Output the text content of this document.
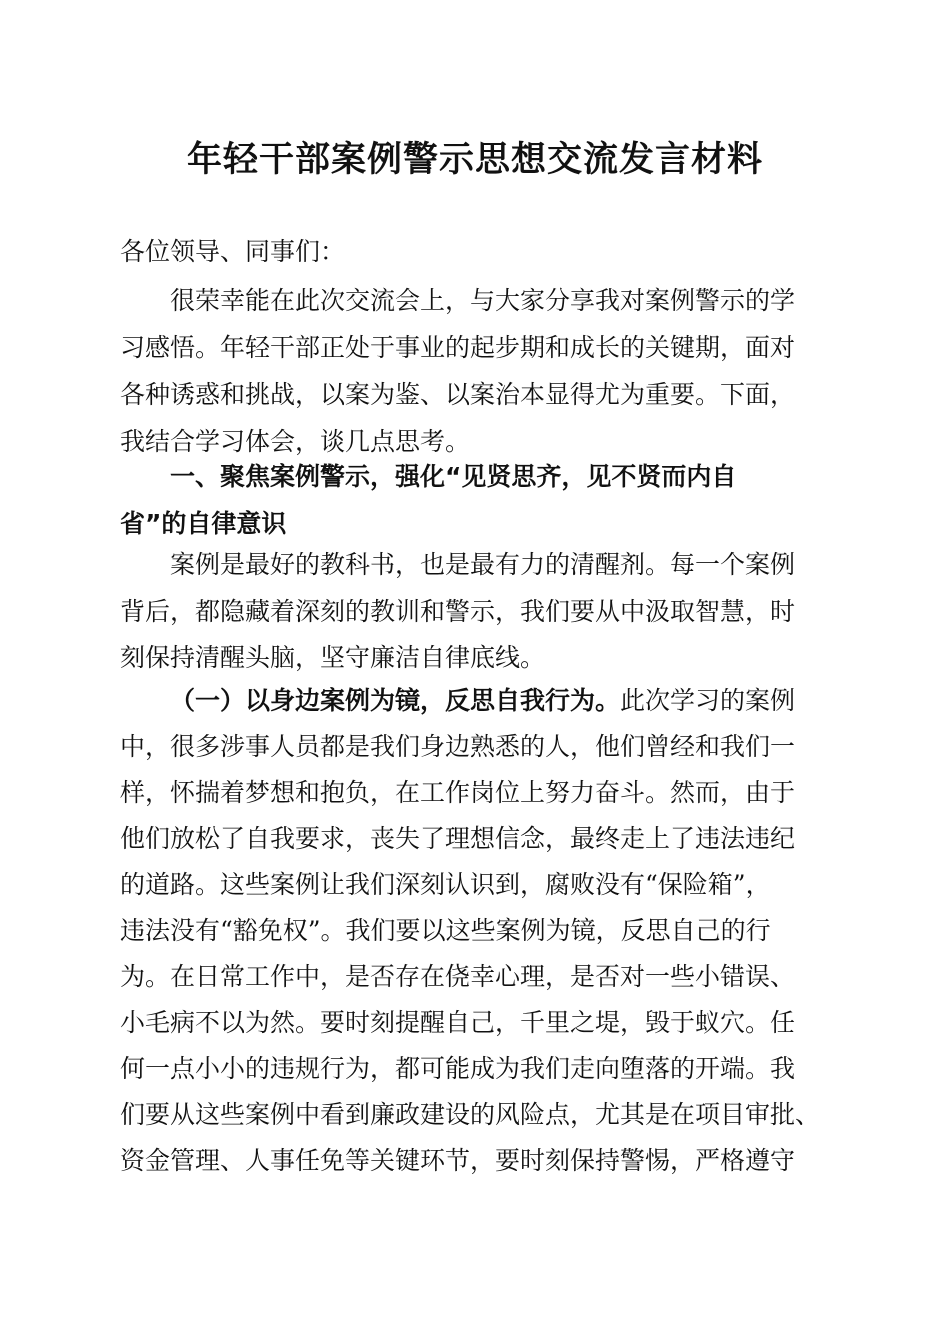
年轻干部案例警示思想交流发言材料
各位领导、同事们：
很荣幸能在此次交流会上，与大家分享我对案例警示的学
习感悟。年轻干部正处于事业的起步期和成长的关键期，面对
各种诱惑和挑战，以案为鉴、以案治本显得尤为重要。下面，
我结合学习体会，谈几点思考。
一、聚焦案例警示，强化“见贤思齐，见不贤而内自
省”的自律意识
案例是最好的教科书，也是最有力的清醒剂。每一个案例
背后，都隐藏着深刻的教训和警示，我们要从中汲取智慧，时
刻保持清醒头脑，坚守廉洁自律底线。
（一）以身边案例为镜，反思自我行为。此次学习的案例
中，很多涉事人员都是我们身边熟悉的人，他们曾经和我们一
样，怀揣着梦想和抱负，在工作岗位上努力奋斗。然而，由于
他们放松了自我要求，丧失了理想信念，最终走上了违法违纪
的道路。这些案例让我们深刻认识到，腐败没有“保险箱”，
违法没有“豁免权”。我们要以这些案例为镜，反思自己的行
为。在日常工作中，是否存在侥幸心理，是否对一些小错误、
小毛病不以为然。要时刻提醒自己，千里之堤，毁于蚁穴。任
何一点小小的违规行为，都可能成为我们走向堕落的开端。我
们要从这些案例中看到廉政建设的风险点，尤其是在项目审批、
资金管理、人事任免等关键环节，要时刻保持警惕，严格遵守
